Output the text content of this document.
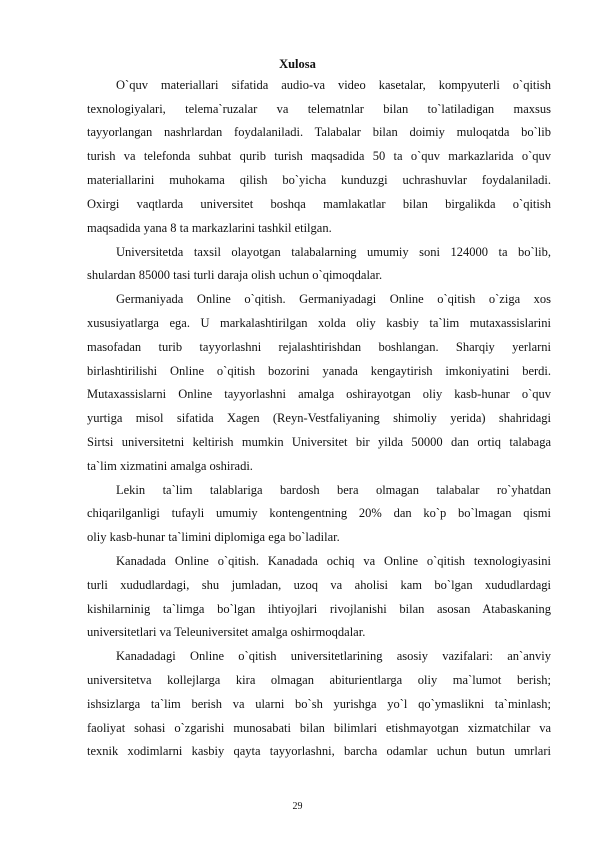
Xulosa
O`quv materiallari sifatida audio-va video kasetalar, kompyuterli o`qitish
texnologiyalari, telema`ruzalar va telematnlar bilan to`latiladigan maxsus
tayyorlangan nashrlardan foydalaniladi. Talabalar bilan doimiy muloqatda bo`lib
turish va telefonda suhbat qurib turish maqsadida 50 ta o`quv markazlarida o`quv
materiallarini muhokama qilish bo`yicha kunduzgi uchrashuvlar foydalaniladi.
Oxirgi vaqtlarda universitet boshqa mamlakatlar bilan birgalikda o`qitish
maqsadida yana 8 ta markazlarini tashkil etilgan.
Universitetda taxsil olayotgan talabalarning umumiy soni 124000 ta bo`lib,
shulardan 85000 tasi turli daraja olish uchun o`qimoqdalar.
Germaniyada Online o`qitish. Germaniyadagi Online o`qitish o`ziga xos
xususiyatlarga ega. U markalashtirilgan xolda oliy kasbiy ta`lim mutaxassislarini
masofadan turib tayyorlashni rejalashtirishdan boshlangan. Sharqiy yerlarni
birlashtirilishi Online o`qitish bozorini yanada kengaytirish imkoniyatini berdi.
Mutaxassislarni Online tayyorlashni amalga oshirayotgan oliy kasb-hunar o`quv
yurtiga misol sifatida Xagen (Reyn-Vestfaliyaning shimoliy yerida) shahridagi
Sirtsi universitetni keltirish mumkin Universitet bir yilda 50000 dan ortiq talabaga
ta`lim xizmatini amalga oshiradi.
Lekin ta`lim talablariga bardosh bera olmagan talabalar ro`yhatdan
chiqarilganligi tufayli umumiy kontengentning 20% dan ko`p bo`lmagan qismi
oliy kasb-hunar ta`limini diplomiga ega bo`ladilar.
Kanadada Online o`qitish. Kanadada ochiq va Online o`qitish texnologiyasini
turli xududlardagi, shu jumladan, uzoq va aholisi kam bo`lgan xududlardagi
kishilarninig ta`limga bo`lgan ihtiyojlari rivojlanishi bilan asosan Atabaskaning
universitetlari va Teleuniversitet amalga oshirmoqdalar.
Kanadadagi Online o`qitish universitetlarining asosiy vazifalari: an`anviy
universitetva kollejlarga kira olmagan abiturientlarga oliy ma`lumot berish;
ishsizlarga ta`lim berish va ularni bo`sh yurishga yo`l qo`ymaslikni ta`minlash;
faoliyat sohasi o`zgarishi munosabati bilan bilimlari etishmayotgan xizmatchilar va
texnik xodimlarni kasbiy qayta tayyorlashni, barcha odamlar uchun butun umrlari
29
